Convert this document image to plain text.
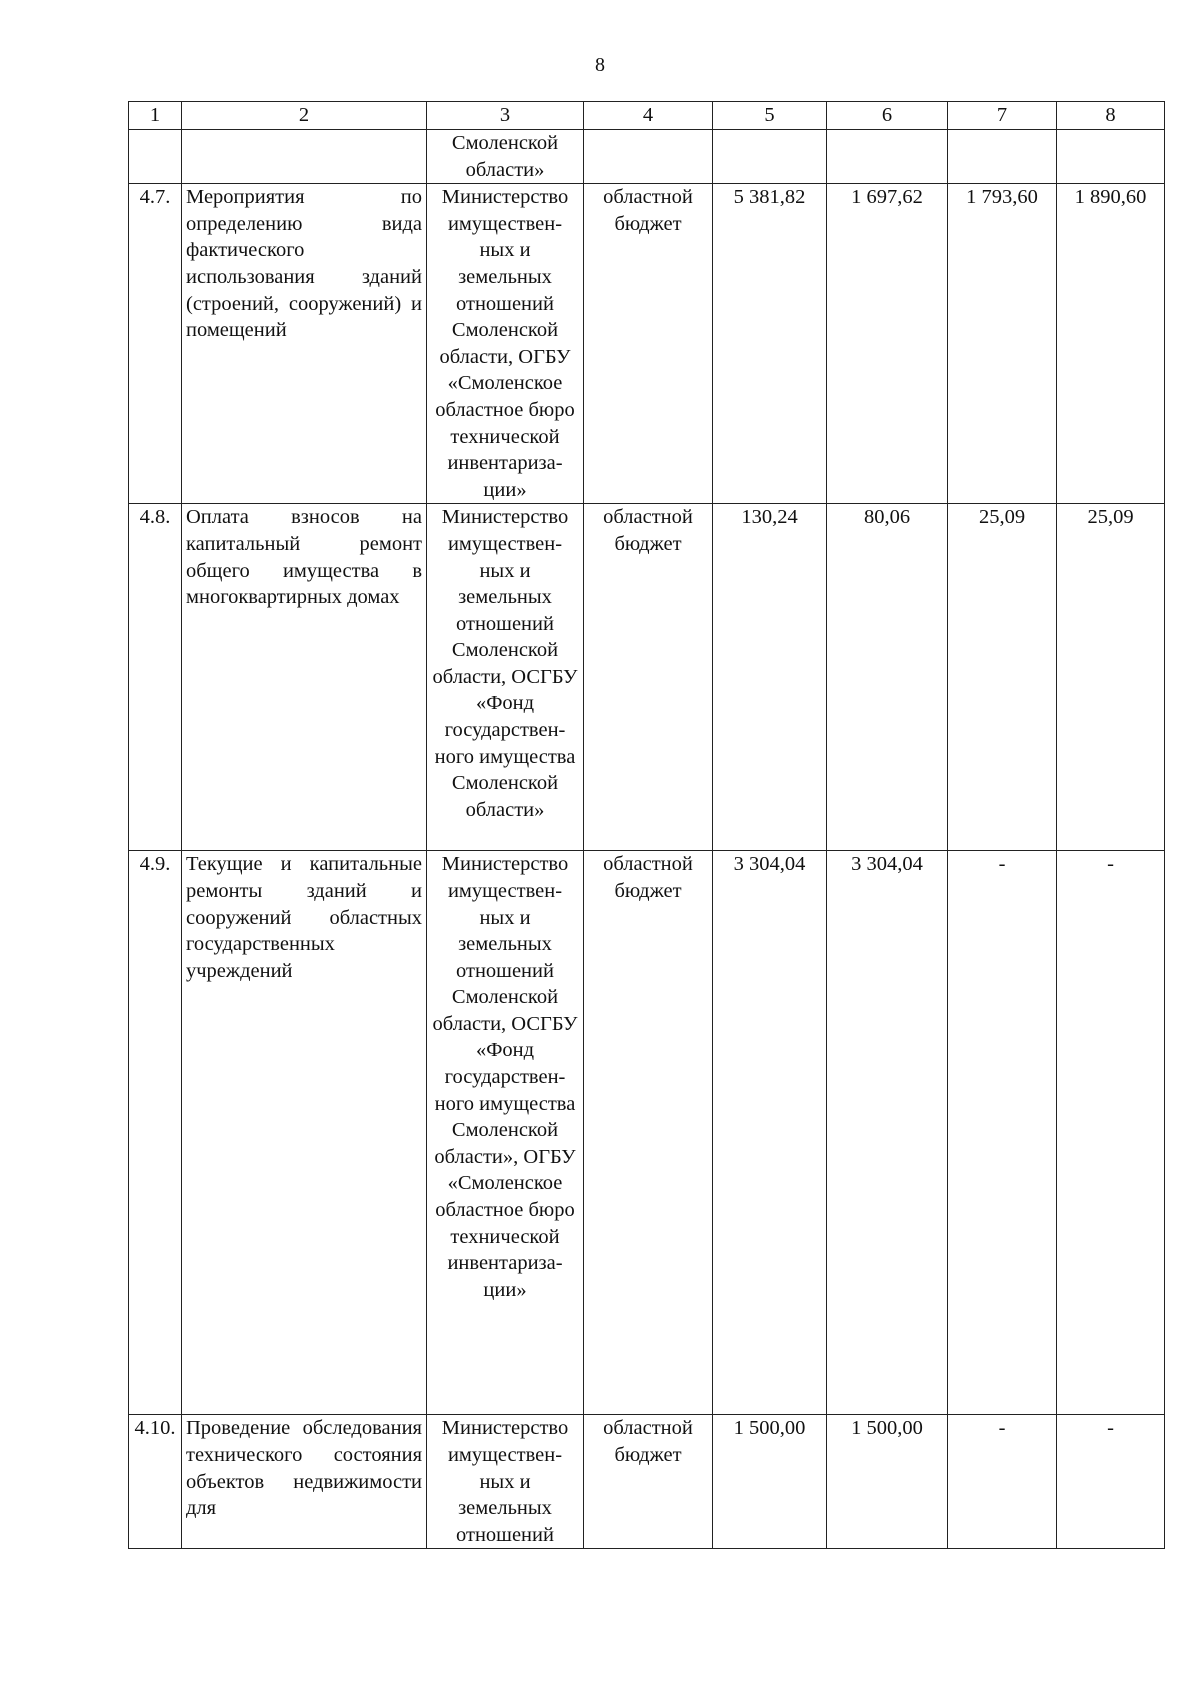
8
1	2	3	4	5	6	7	8
		Смоленской области»					
4.7.	Мероприятия по определению вида фактического использования зданий (строений, сооружений) и помещений	Министерство имуществен-ных и земельных отношений Смоленской области, ОГБУ «Смоленское областное бюро технической инвентариза-ции»	областной бюджет	5 381,82	1 697,62	1 793,60	1 890,60
4.8.	Оплата взносов на капитальный ремонт общего имущества в многоквартирных домах	Министерство имуществен-ных и земельных отношений Смоленской области, ОСГБУ «Фонд государствен-ного имущества Смоленской области»	областной бюджет	130,24	80,06	25,09	25,09
4.9.	Текущие и капитальные ремонты зданий и сооружений областных государственных учреждений	Министерство имуществен-ных и земельных отношений Смоленской области, ОСГБУ «Фонд государствен-ного имущества Смоленской области», ОГБУ «Смоленское областное бюро технической инвентариза-ции»	областной бюджет	3 304,04	3 304,04	-	-
4.10.	Проведение обследования технического состояния объектов недвижимости для	Министерство имуществен-ных и земельных отношений	областной бюджет	1 500,00	1 500,00	-	-
